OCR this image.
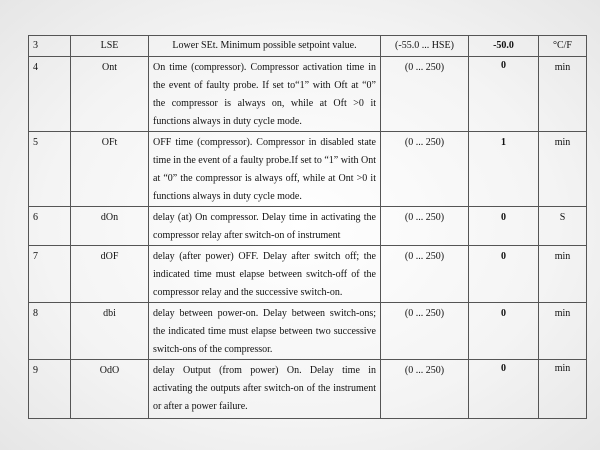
3	LSE	Lower SEt. Minimum possible setpoint value.	(-55.0 ... HSE)	-50.0	°C/F
4	Ont	On time (compressor). Compressor activation time in the event of faulty probe. If set to“1” with Oft at “0” the compressor is always on, while at Oft >0 it functions always in duty cycle mode.	(0 ... 250)	0	min
5	OFt	OFF time (compressor). Compressor in disabled state time in the event of a faulty probe.If set to “1” with Ont at “0” the compressor is always off, while at Ont >0 it functions always in duty cycle mode.	(0 ... 250)	1	min
6	dOn	delay (at) On compressor. Delay time in activating the compressor relay after switch-on of instrument	(0 ... 250)	0	S
7	dOF	delay (after power) OFF. Delay after switch off; the indicated time must elapse between switch-off of the compressor relay and the successive switch-on.	(0 ... 250)	0	min
8	dbi	delay between power-on. Delay between switch-ons; the indicated time must elapse between two successive switch-ons of the compressor.	(0 ... 250)	0	min
9	OdO	delay Output (from power) On. Delay time in activating the outputs after switch-on of the instrument or after a power failure.	(0 ... 250)	0	min
